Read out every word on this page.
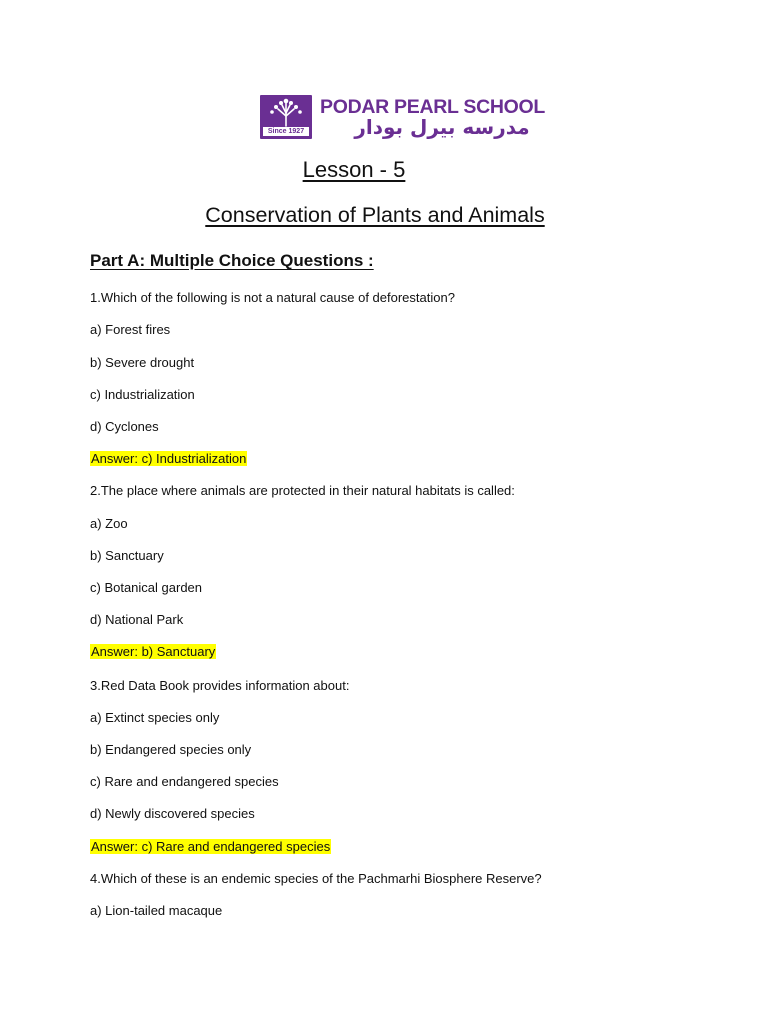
Since 1927
PODAR PEARL SCHOOL
مدرسه بيرل بودار
Lesson - 5
Conservation of Plants and Animals
Part A: Multiple Choice Questions :
1.Which of the following is not a natural cause of deforestation?
a) Forest fires
b) Severe drought
c) Industrialization
d) Cyclones
Answer: c) Industrialization
2.The place where animals are protected in their natural habitats is called:
a) Zoo
b) Sanctuary
c) Botanical garden
d) National Park
Answer: b) Sanctuary
3.Red Data Book provides information about:
a) Extinct species only
b) Endangered species only
c) Rare and endangered species
d) Newly discovered species
Answer: c) Rare and endangered species
4.Which of these is an endemic species of the Pachmarhi Biosphere Reserve?
a) Lion-tailed macaque
